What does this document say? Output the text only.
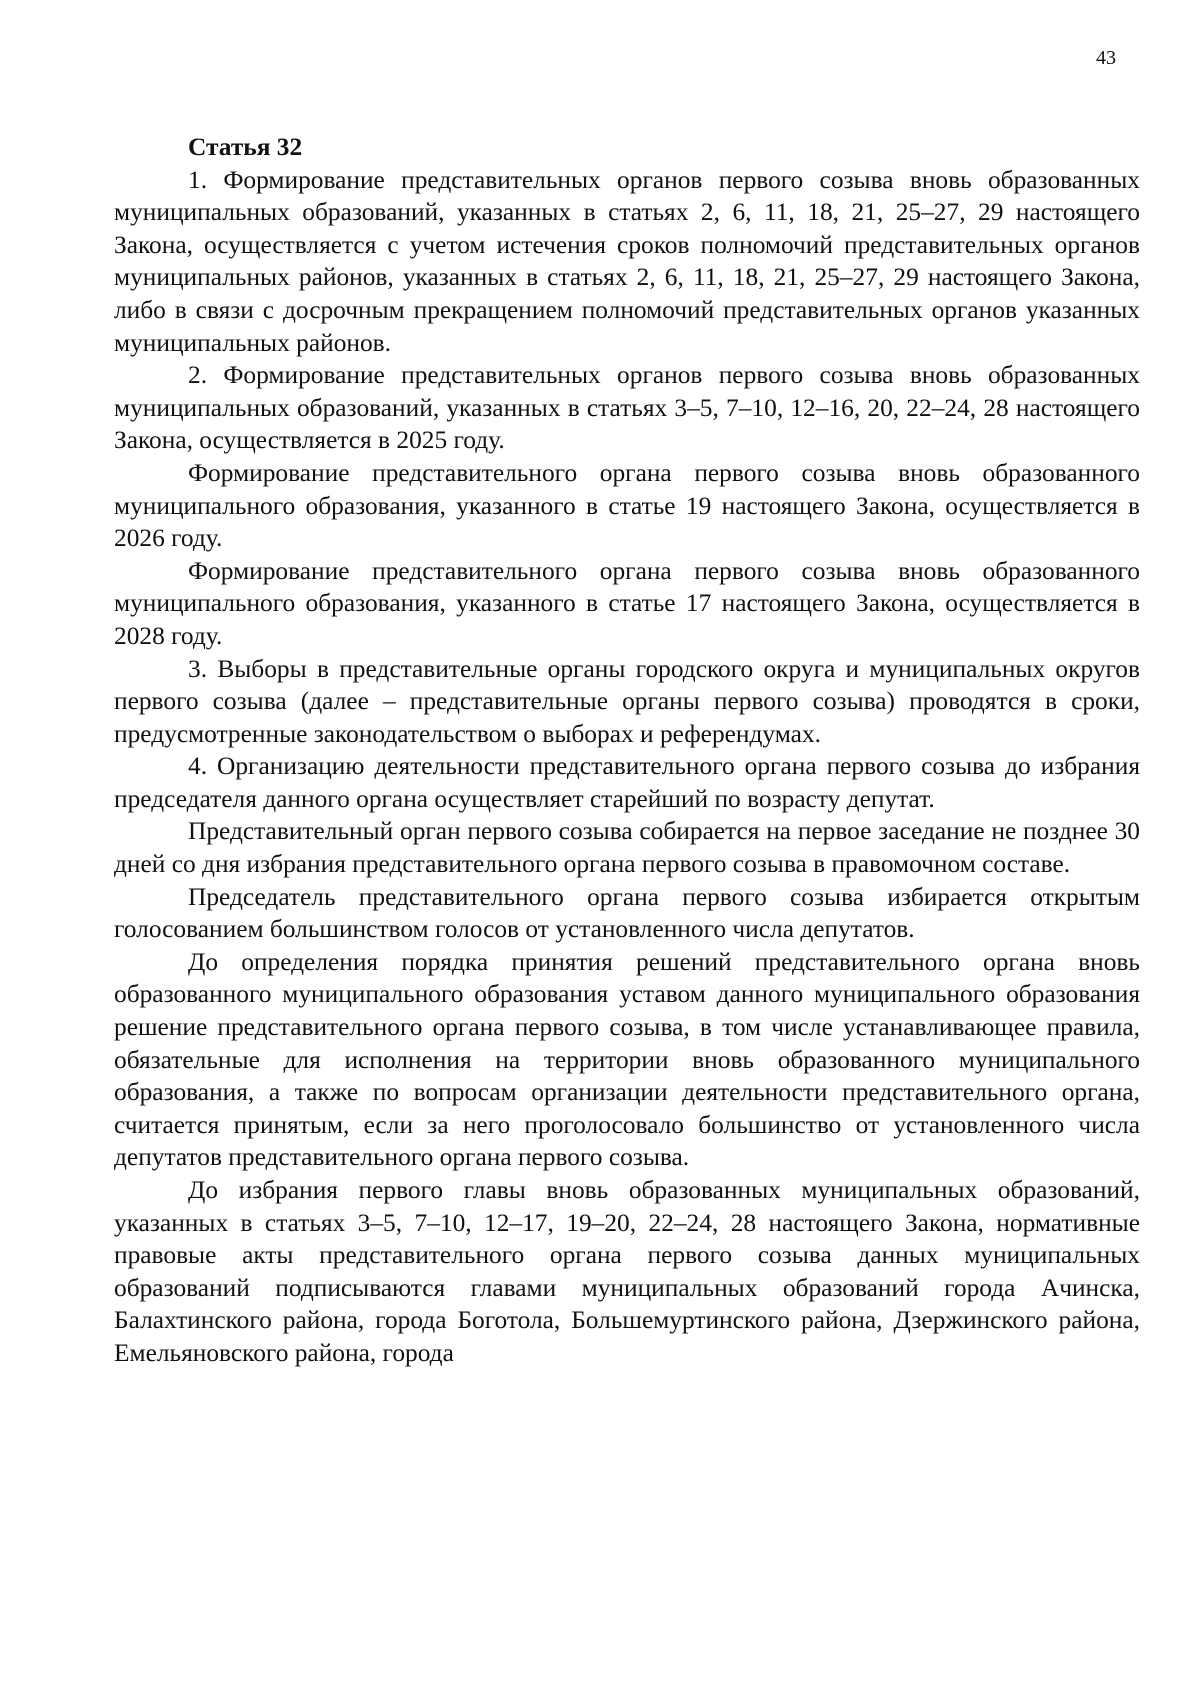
43
Статья 32

1. Формирование представительных органов первого созыва вновь образованных муниципальных образований, указанных в статьях 2, 6, 11, 18, 21, 25–27, 29 настоящего Закона, осуществляется с учетом истечения сроков полномочий представительных органов муниципальных районов, указанных в статьях 2, 6, 11, 18, 21, 25–27, 29 настоящего Закона, либо в связи с досрочным прекращением полномочий представительных органов указанных муниципальных районов.

2. Формирование представительных органов первого созыва вновь образованных муниципальных образований, указанных в статьях 3–5, 7–10, 12–16, 20, 22–24, 28 настоящего Закона, осуществляется в 2025 году.

Формирование представительного органа первого созыва вновь образованного муниципального образования, указанного в статье 19 настоящего Закона, осуществляется в 2026 году.

Формирование представительного органа первого созыва вновь образованного муниципального образования, указанного в статье 17 настоящего Закона, осуществляется в 2028 году.

3. Выборы в представительные органы городского округа и муниципальных округов первого созыва (далее – представительные органы первого созыва) проводятся в сроки, предусмотренные законодательством о выборах и референдумах.

4. Организацию деятельности представительного органа первого созыва до избрания председателя данного органа осуществляет старейший по возрасту депутат.

Представительный орган первого созыва собирается на первое заседание не позднее 30 дней со дня избрания представительного органа первого созыва в правомочном составе.

Председатель представительного органа первого созыва избирается открытым голосованием большинством голосов от установленного числа депутатов.

До определения порядка принятия решений представительного органа вновь образованного муниципального образования уставом данного муниципального образования решение представительного органа первого созыва, в том числе устанавливающее правила, обязательные для исполнения на территории вновь образованного муниципального образования, а также по вопросам организации деятельности представительного органа, считается принятым, если за него проголосовало большинство от установленного числа депутатов представительного органа первого созыва.

До избрания первого главы вновь образованных муниципальных образований, указанных в статьях 3–5, 7–10, 12–17, 19–20, 22–24, 28 настоящего Закона, нормативные правовые акты представительного органа первого созыва данных муниципальных образований подписываются главами муниципальных образований города Ачинска, Балахтинского района, города Боготола, Большемуртинского района, Дзержинского района, Емельяновского района, города
